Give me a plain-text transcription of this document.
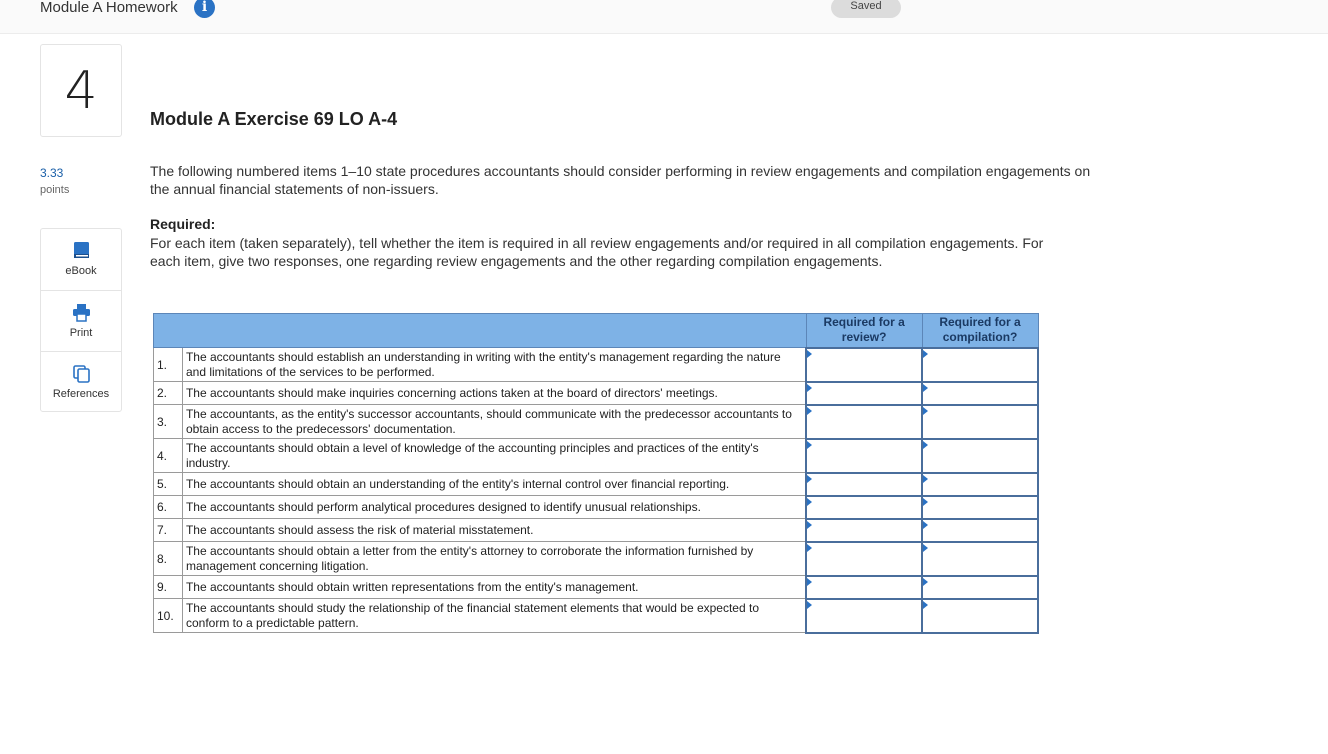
Module A Homework	i	Saved
4
3.33
points
eBook
Print
References
Module A Exercise 69 LO A-4
The following numbered items 1–10 state procedures accountants should consider performing in review engagements and compilation engagements on the annual financial statements of non-issuers.
Required:
For each item (taken separately), tell whether the item is required in all review engagements and/or required in all compilation engagements. For each item, give two responses, one regarding review engagements and the other regarding compilation engagements.
		Required for a review?	Required for a compilation?
1.	The accountants should establish an understanding in writing with the entity's management regarding the nature and limitations of the services to be performed.	

2.	The accountants should make inquiries concerning actions taken at the board of directors' meetings.	

3.	The accountants, as the entity's successor accountants, should communicate with the predecessor accountants to obtain access to the predecessors' documentation.	

4.	The accountants should obtain a level of knowledge of the accounting principles and practices of the entity's industry.	

5.	The accountants should obtain an understanding of the entity's internal control over financial reporting.	

6.	The accountants should perform analytical procedures designed to identify unusual relationships.	

7.	The accountants should assess the risk of material misstatement.	

8.	The accountants should obtain a letter from the entity's attorney to corroborate the information furnished by management concerning litigation.	

9.	The accountants should obtain written representations from the entity's management.	

10.	The accountants should study the relationship of the financial statement elements that would be expected to conform to a predictable pattern.	
